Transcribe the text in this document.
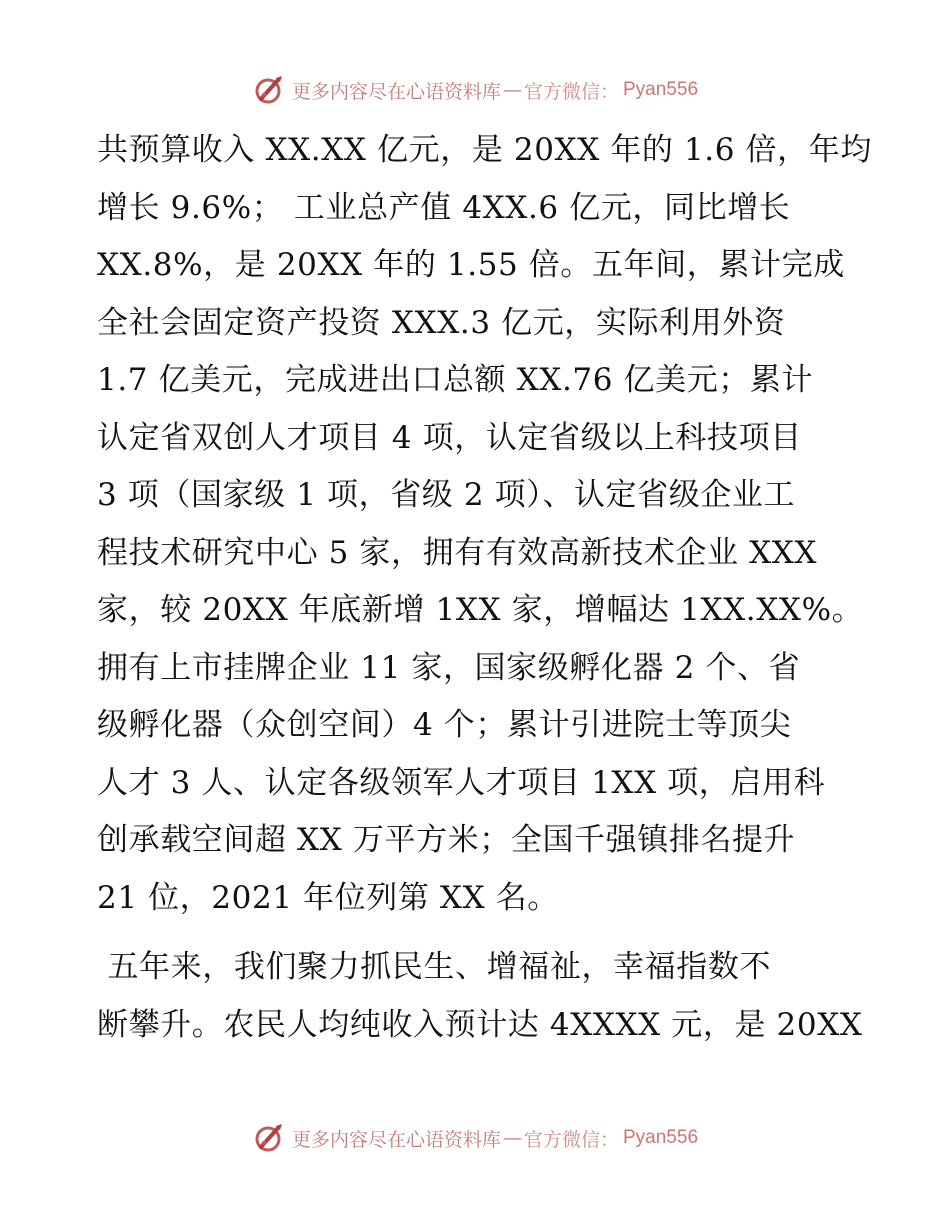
更多内容尽在心语资料库 — 官方微信： Pyan556
共预算收入 XX.XX 亿元，是 20XX 年的 1.6 倍，年均
增长 9.6%； 工业总产值 4XX.6 亿元，同比增长
XX.8%，是 20XX 年的 1.55 倍。五年间，累计完成
全社会固定资产投资 XXX.3 亿元，实际利用外资
1.7 亿美元，完成进出口总额 XX.76 亿美元；累计
认定省双创人才项目 4 项，认定省级以上科技项目
3 项（国家级 1 项，省级 2 项）、认定省级企业工
程技术研究中心 5 家，拥有有效高新技术企业 XXX
家，较 20XX 年底新增 1XX 家，增幅达 1XX.XX%。
拥有上市挂牌企业 11 家，国家级孵化器 2 个、省
级孵化器（众创空间）4 个；累计引进院士等顶尖
人才 3 人、认定各级领军人才项目 1XX 项，启用科
创承载空间超 XX 万平方米；全国千强镇排名提升
21 位，2021 年位列第 XX 名。
五年来，我们聚力抓民生、增福祉，幸福指数不
断攀升。农民人均纯收入预计达 4XXXX 元，是 20XX
更多内容尽在心语资料库 — 官方微信： Pyan556
